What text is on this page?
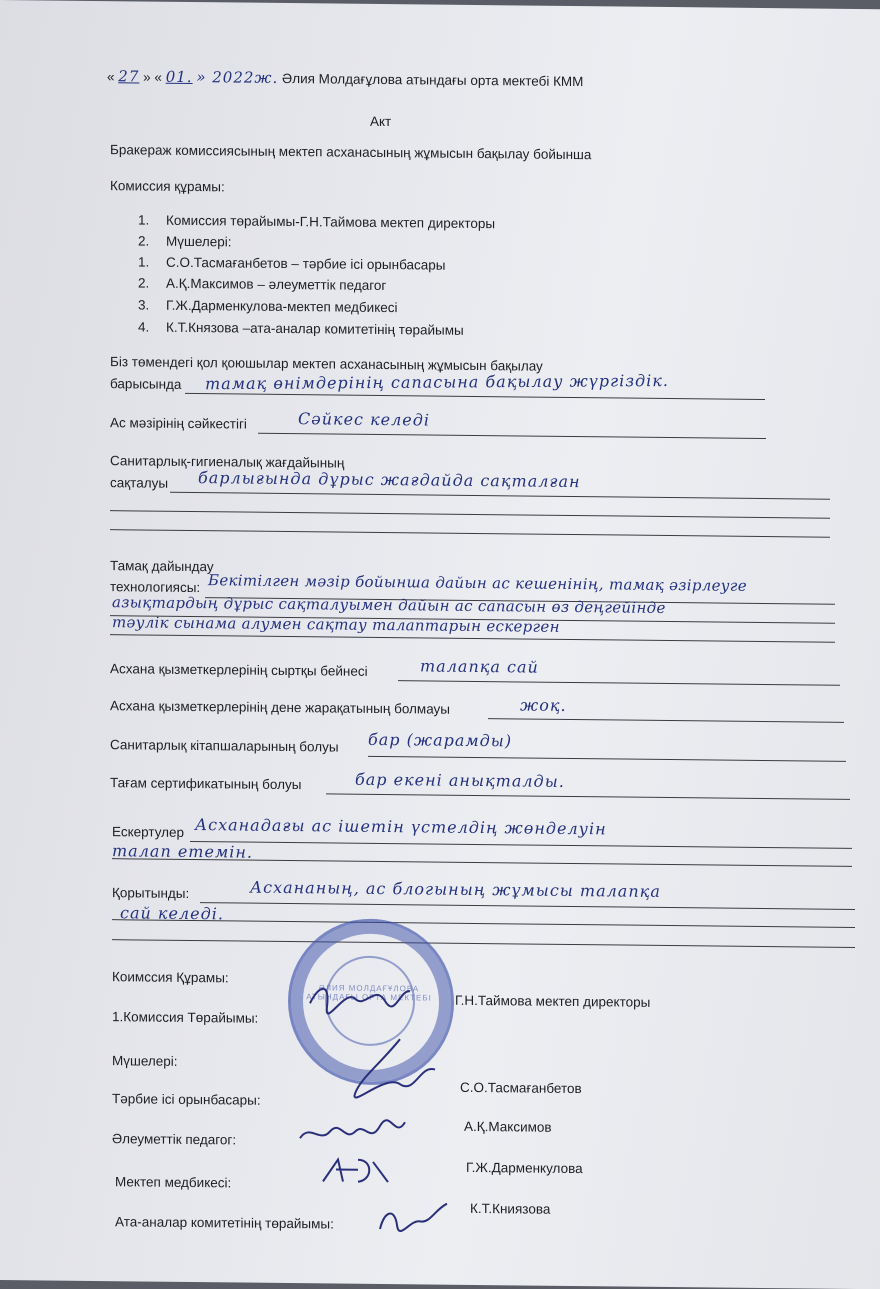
« 27 » « 01. » 2022ж. Әлия Молдағұлова атындағы орта мектебі КММ
Акт
Бракераж комиссиясының мектеп асханасының жұмысын бақылау бойынша
Комиссия құрамы:
1. Комиссия төрайымы-Г.Н.Таймова мектеп директоры
2. Мүшелері:
1. С.О.Тасмағанбетов – тәрбие ісі орынбасары
2. А.Қ.Максимов – әлеуметтік педагог
3. Г.Ж.Дарменкулова-мектеп медбикесі
4. К.Т.Князова –ата-аналар комитетінің төрайымы
Біз төмендегі қол қоюшылар мектеп асханасының жұмысын бақылау
барысында тамақ өнімдерінің сапасына бақылау жүргіздік.
Ас мәзірінің сәйкестігі	Сәйкес келеді
Санитарлық-гигиеналық жағдайының
сақталуы барлығында дұрыс жағдайда сақталған
Тамақ дайындау
технологиясы: Бекітілген мәзір бойынша дайын ас кешенінің, тамақ әзірлеуге
азықтардың дұрыс сақталуымен дайын ас сапасын өз деңгейінде
тәулік сынама алумен сақтау талаптарын ескерген
Асхана қызметкерлерінің сыртқы бейнесі	талапқа сай
Асхана қызметкерлерінің дене жарақатының болмауы	жоқ.
Санитарлық кітапшаларының болуы бар (жарамды)
Тағам сертификатының болуы	бар екені анықталды.
Ескертулер Асханадағы ас ішетін үстелдің жөнделуін
талап етемін.
Қорытынды:	Асхананың, ас блогының жұмысы талапқа
сай келеді.
ӘЛИЯ МОЛДАҒҰЛОВА АТЫНДАҒЫ ОРТА МЕКТЕБІ
Коимссия Құрамы:
1.Комиссия Төрайымы:
Г.Н.Таймова мектеп директоры
Мүшелері:
Тәрбие ісі орынбасары:
С.О.Тасмағанбетов
Әлеуметтік педагог:
А.Қ.Максимов
Мектеп медбикесі:
Г.Ж.Дарменкулова
Ата-аналар комитетінің төрайымы:
К.Т.Книязова
